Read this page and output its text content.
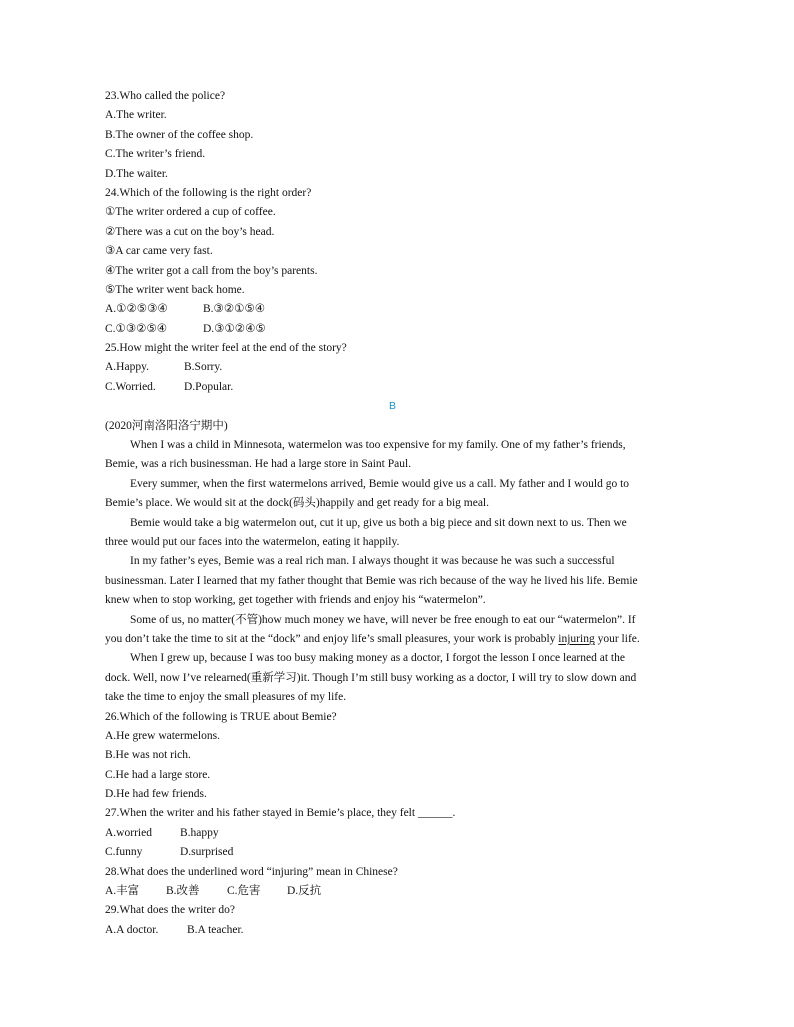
23.Who called the police?
A.The writer.
B.The owner of the coffee shop.
C.The writer’s friend.
D.The waiter.
24.Which of the following is the right order?
①The writer ordered a cup of coffee.
②There was a cut on the boy’s head.
③A car came very fast.
④The writer got a call from the boy’s parents.
⑤The writer went back home.
A.①②⑤③④	B.③②①⑤④
C.①③②⑤④	D.③①②④⑤
25.How might the writer feel at the end of the story?
A.Happy.	B.Sorry.
C.Worried.	D.Popular.
B
(2020河南洛阳洛宁期中)
When I was a child in Minnesota, watermelon was too expensive for my family. One of my father’s friends,
Bemie, was a rich businessman. He had a large store in Saint Paul.
Every summer, when the first watermelons arrived, Bemie would give us a call. My father and I would go to
Bemie’s place. We would sit at the dock(码头)happily and get ready for a big meal.
Bemie would take a big watermelon out, cut it up, give us both a big piece and sit down next to us. Then we
three would put our faces into the watermelon, eating it happily.
In my father’s eyes, Bemie was a real rich man. I always thought it was because he was such a successful
businessman. Later I learned that my father thought that Bemie was rich because of the way he lived his life. Bemie
knew when to stop working, get together with friends and enjoy his “watermelon”.
Some of us, no matter(不管)how much money we have, will never be free enough to eat our “watermelon”. If
you don’t take the time to sit at the “dock” and enjoy life’s small pleasures, your work is probably injuring your life.
When I grew up, because I was too busy making money as a doctor, I forgot the lesson I once learned at the
dock. Well, now I’ve relearned(重新学习)it. Though I’m still busy working as a doctor, I will try to slow down and
take the time to enjoy the small pleasures of my life.
26.Which of the following is TRUE about Bemie?
A.He grew watermelons.
B.He was not rich.
C.He had a large store.
D.He had few friends.
27.When the writer and his father stayed in Bemie’s place, they felt ______.
A.worried	B.happy
C.funny	D.surprised
28.What does the underlined word “injuring” mean in Chinese?
A.丰富	B.改善	C.危害	D.反抗
29.What does the writer do?
A.A doctor.	B.A teacher.
